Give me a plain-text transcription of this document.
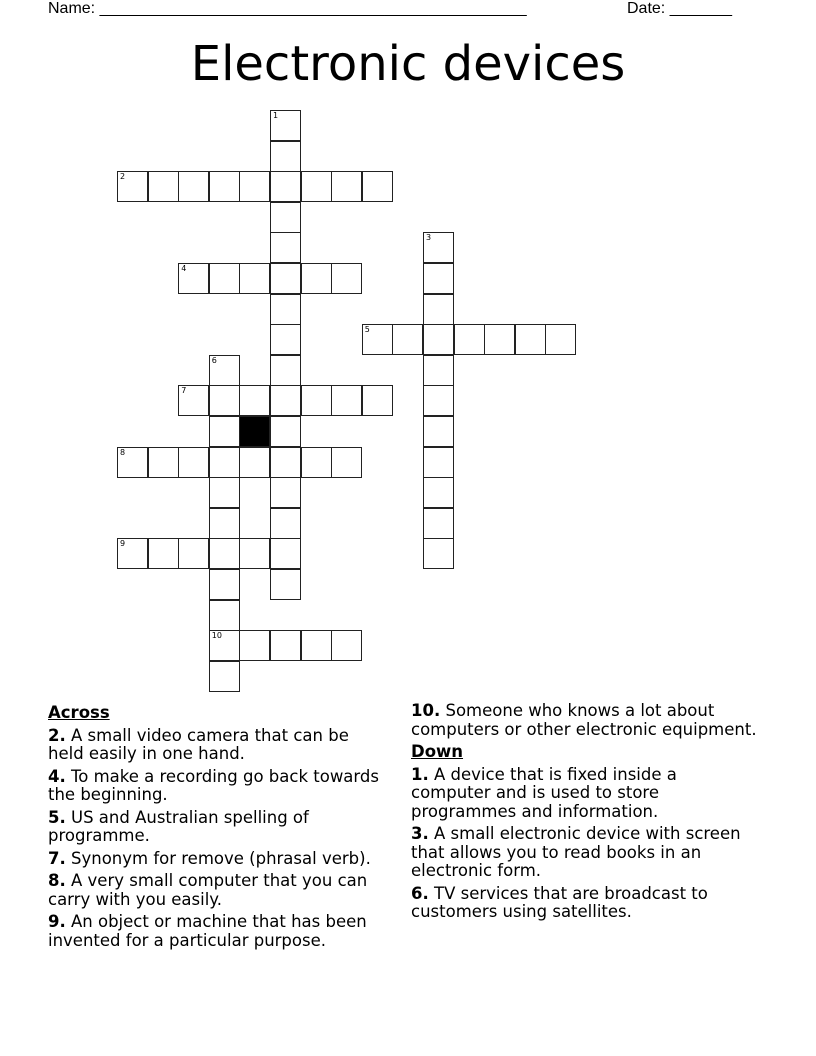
Name: ________________________________________________	Date: _______
Electronic devices
1
2
3
4
5
6
10
7
8
9
Across
2. A small video camera that can be held easily in one hand.
4. To make a recording go back towards the beginning.
5. US and Australian spelling of programme.
7. Synonym for remove (phrasal verb).
8. A very small computer that you can carry with you easily.
9. An object or machine that has been invented for a particular purpose.
10. Someone who knows a lot about computers or other electronic equipment.
Down
1. A device that is fixed inside a computer and is used to store programmes and information.
3. A small electronic device with screen that allows you to read books in an electronic form.
6. TV services that are broadcast to customers using satellites.
